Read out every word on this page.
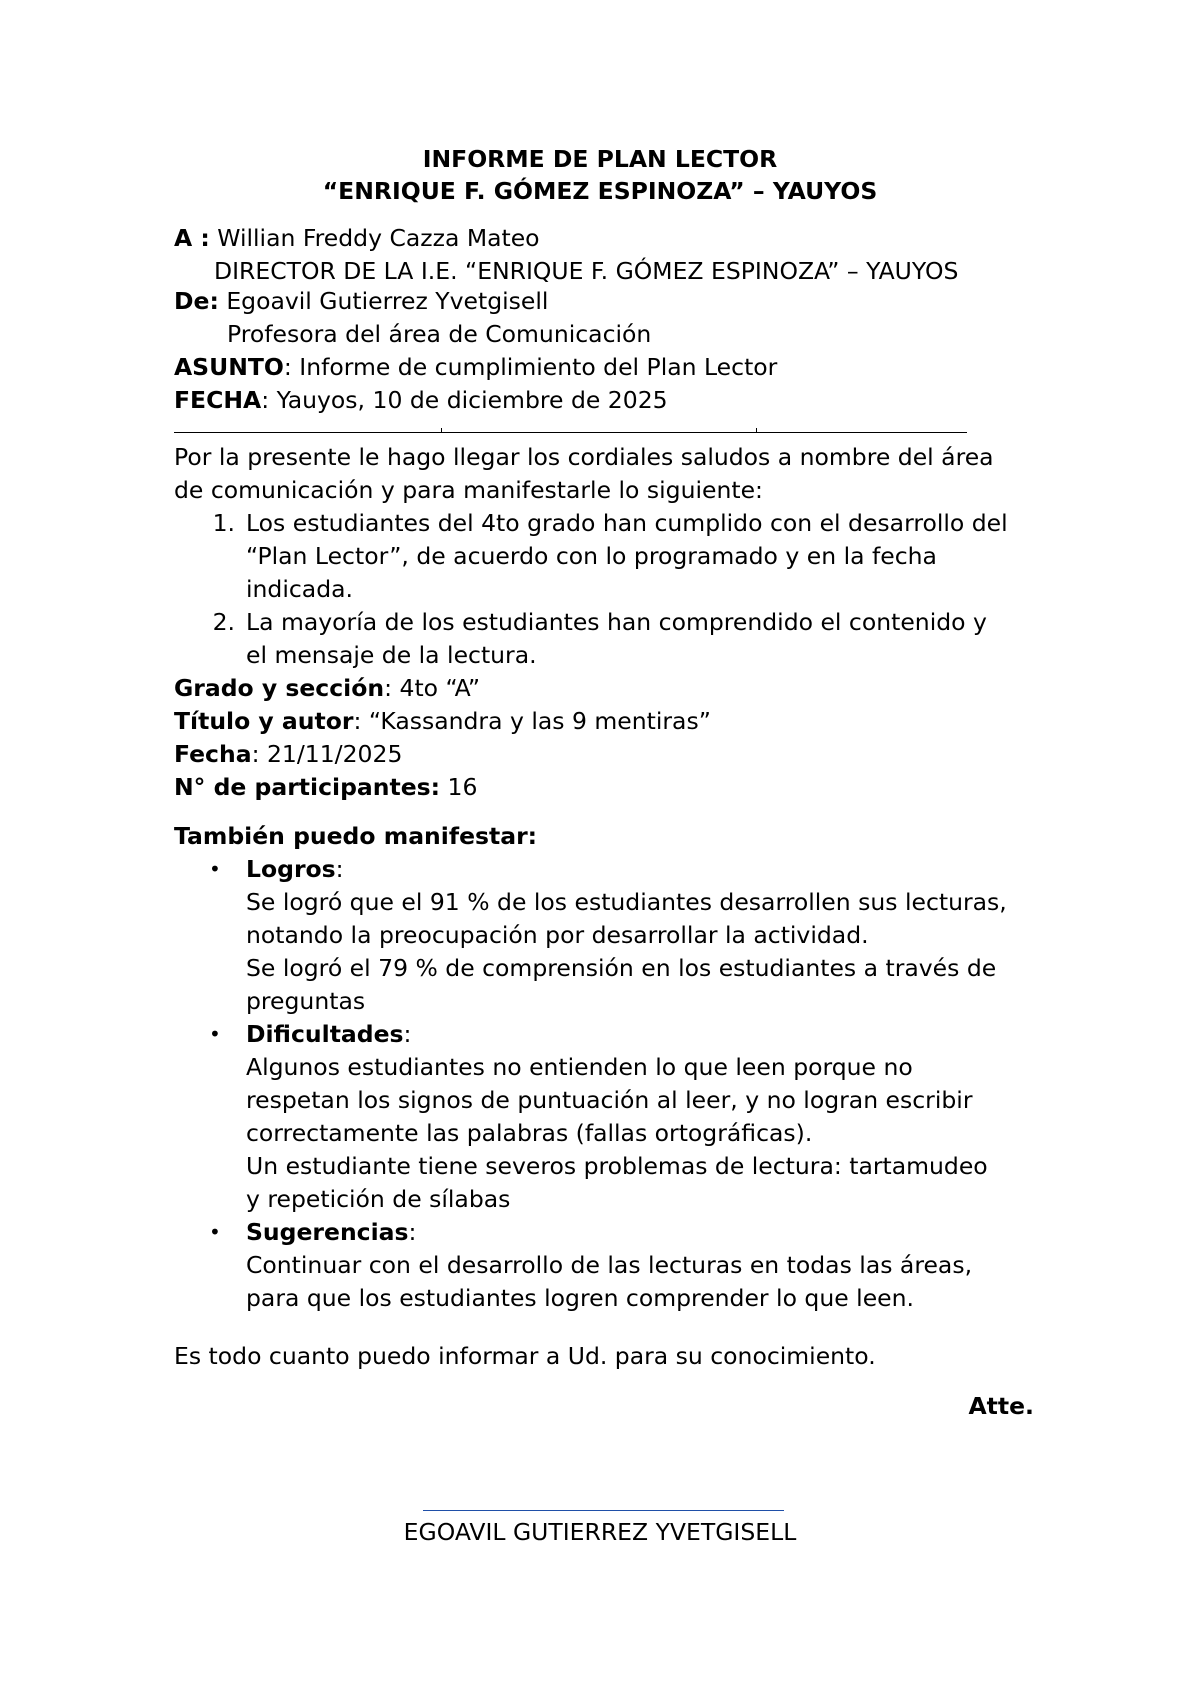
INFORME DE PLAN LECTOR
“ENRIQUE F. GÓMEZ ESPINOZA” – YAUYOS
A : Willian Freddy Cazza Mateo
DIRECTOR DE LA I.E. “ENRIQUE F. GÓMEZ ESPINOZA” – YAUYOS
De: Egoavil Gutierrez Yvetgisell
Profesora del área de Comunicación
ASUNTO: Informe de cumplimiento del Plan Lector
FECHA: Yauyos, 10 de diciembre de 2025
Por la presente le hago llegar los cordiales saludos a nombre del área
de comunicación y para manifestarle lo siguiente:
1. Los estudiantes del 4to grado han cumplido con el desarrollo del
“Plan Lector”, de acuerdo con lo programado y en la fecha
indicada.
2. La mayoría de los estudiantes han comprendido el contenido y
el mensaje de la lectura.
Grado y sección: 4to “A”
Título y autor: “Kassandra y las 9 mentiras”
Fecha: 21/11/2025
N° de participantes: 16
También puedo manifestar:
• Logros:
Se logró que el 91 % de los estudiantes desarrollen sus lecturas,
notando la preocupación por desarrollar la actividad.
Se logró el 79 % de comprensión en los estudiantes a través de
preguntas
• Dificultades:
Algunos estudiantes no entienden lo que leen porque no
respetan los signos de puntuación al leer, y no logran escribir
correctamente las palabras (fallas ortográficas).
Un estudiante tiene severos problemas de lectura: tartamudeo
y repetición de sílabas
• Sugerencias:
Continuar con el desarrollo de las lecturas en todas las áreas,
para que los estudiantes logren comprender lo que leen.
Es todo cuanto puedo informar a Ud. para su conocimiento.
Atte.
EGOAVIL GUTIERREZ YVETGISELL
